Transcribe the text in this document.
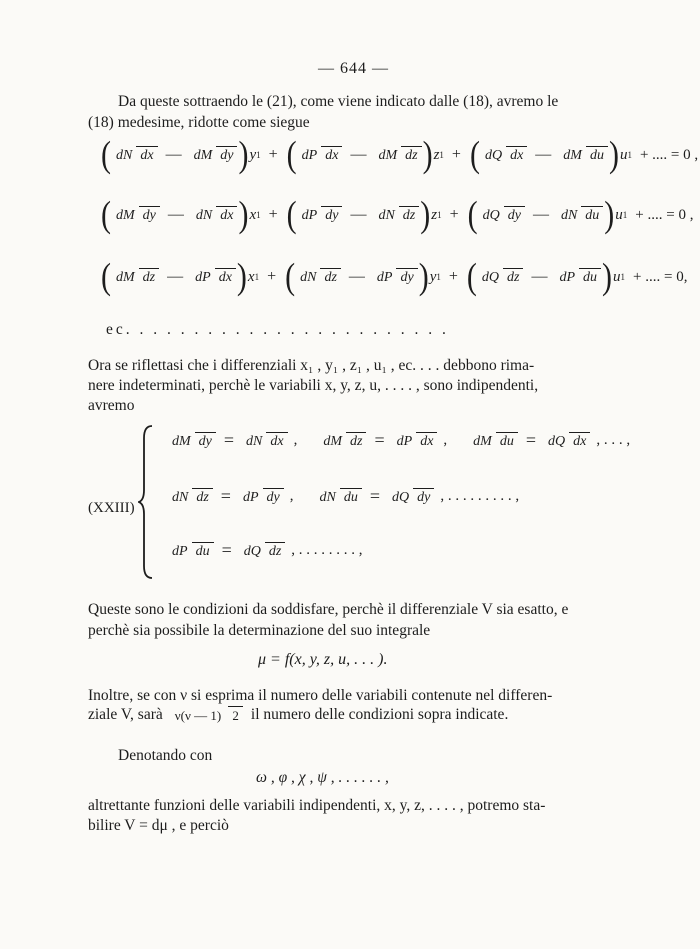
— 644 —
Da queste sottraendo le (21), come viene indicato dalle (18), avremo le
(18) medesime, ridotte come siegue
( dN dx — dM dy ) y 1 + ( dP dx — dM dz ) z 1 + ( dQ dx — dM du ) u 1 + .... = 0 ,
( dM dy — dN dx ) x 1 + ( dP dy — dN dz ) z 1 + ( dQ dy — dN du ) u 1 + .... = 0 ,
( dM dz — dP dx ) x 1 + ( dN dz — dP dy ) y 1 + ( dQ dz — dP du ) u 1 + .... = 0,
ec. . . . . . . . . . . . . . . . . . . . . . . .
Ora se riflettasi che i differenziali x₁ , y₁ , z₁ , u₁ , ec. . . . debbono rima-
nere indeterminati, perchè le variabili x, y, z, u, . . . . , sono indipendenti,
avremo
(XXIII)
dM dy = dN dx , dM dz = dP dx , dM du = dQ dx , . . . ,
dN dz = dP dy , dN du = dQ dy , . . . . . . . . . ,
dP du = dQ dz , . . . . . . . . ,
Queste sono le condizioni da soddisfare, perchè il differenziale V sia esatto, e
perchè sia possibile la determinazione del suo integrale
μ = f(x, y, z, u, . . . ).
Inoltre, se con ν si esprima il numero delle variabili contenute nel differen-
ziale V, sarà ν(ν — 1) 2 il numero delle condizioni sopra indicate.
Denotando con
ω , φ , χ , ψ , . . . . . . ,
altrettante funzioni delle variabili indipendenti, x, y, z, . . . . , potremo sta-
bilire V = dμ , e perciò
